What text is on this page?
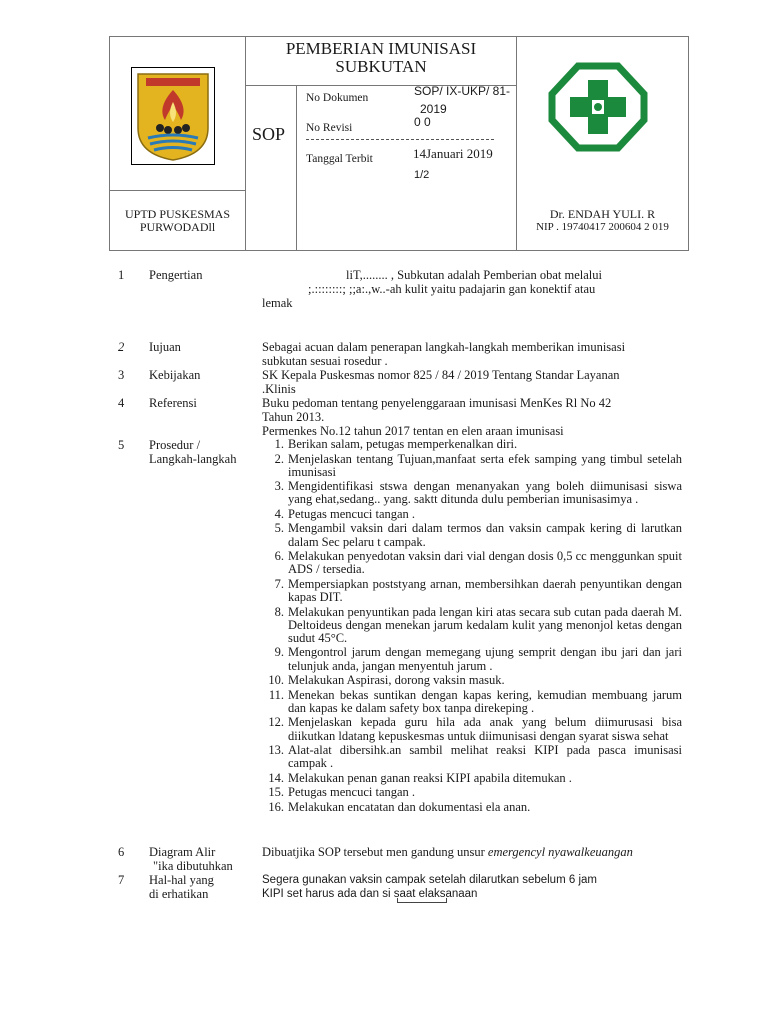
PEMBERIAN IMUNISASI
SUBKUTAN
SOP
No Dokumen	SOP/ IX-UKP/ 81-
2019
No Revisi	0 0
Tanggal Terbit	14Januari 2019
1/2
UPTD PUSKESMAS
PURWODADll
Dr. ENDAH YULI. R
NIP . 19740417 200604 2 019
1 Pengertian	liT,........ , Subkutan adalah Pemberian obat melalui
;.::::::::; ;;a:.,w..-ah kulit yaitu padajarin gan konektif atau
lemak
2 Iujuan	Sebagai acuan dalam penerapan langkah-langkah memberikan imunisasi
subkutan sesuai rosedur .
3 Kebijakan	SK Kepala Puskesmas nomor 825 / 84 / 2019 Tentang Standar Layanan
.Klinis
4 Referensi	Buku pedoman tentang penyelenggaraan imunisasi MenKes Rl No 42
Tahun 2013.
Permenkes No.12 tahun 2017 tentan en elen araan imunisasi
5 Prosedur /
Langkah-langkah
1. Berikan salam, petugas memperkenalkan diri.
2. Menjelaskan tentang Tujuan,manfaat serta efek samping yang timbul setelah imunisasi
3. Mengidentifikasi stswa dengan menanyakan yang boleh diimunisasi siswa yang ehat,sedang.. yang. saktt ditunda dulu pemberian imunisasimya .
4. Petugas mencuci tangan .
5. Mengambil vaksin dari dalam termos dan vaksin campak kering di larutkan dalam Sec pelaru t campak.
6. Melakukan penyedotan vaksin dari vial dengan dosis 0,5 cc menggunkan spuit ADS / tersedia.
7. Mempersiapkan poststyang arnan, membersihkan daerah penyuntikan dengan kapas DIT.
8. Melakukan penyuntikan pada lengan kiri atas secara sub cutan pada daerah M. Deltoideus dengan menekan jarum kedalam kulit yang menonjol ketas dengan sudut 45°C.
9. Mengontrol jarum dengan memegang ujung semprit dengan ibu jari dan jari telunjuk anda, jangan menyentuh jarum .
10. Melakukan Aspirasi, dorong vaksin masuk.
11. Menekan bekas suntikan dengan kapas kering, kemudian membuang jarum dan kapas ke dalam safety box tanpa direkeping .
12. Menjelaskan kepada guru hila ada anak yang belum diimurusasi bisa diikutkan ldatang kepuskesmas untuk diimunisasi dengan syarat siswa sehat
13. Alat-alat dibersihk.an sambil melihat reaksi KIPI pada pasca imunisasi campak .
14. Melakukan penan ganan reaksi KIPI apabila ditemukan .
15. Petugas mencuci tangan .
16. Melakukan encatatan dan dokumentasi ela anan.
6 Diagram Alir
"ika dibutuhkan
Dibuatjika SOP tersebut men gandung unsur emergencyl nyawalkeuangan
7 Hal-hal yang
di erhatikan
Segera gunakan vaksin campak setelah dilarutkan sebelum 6 jam
KIPI set harus ada dan si saat elaksanaan
